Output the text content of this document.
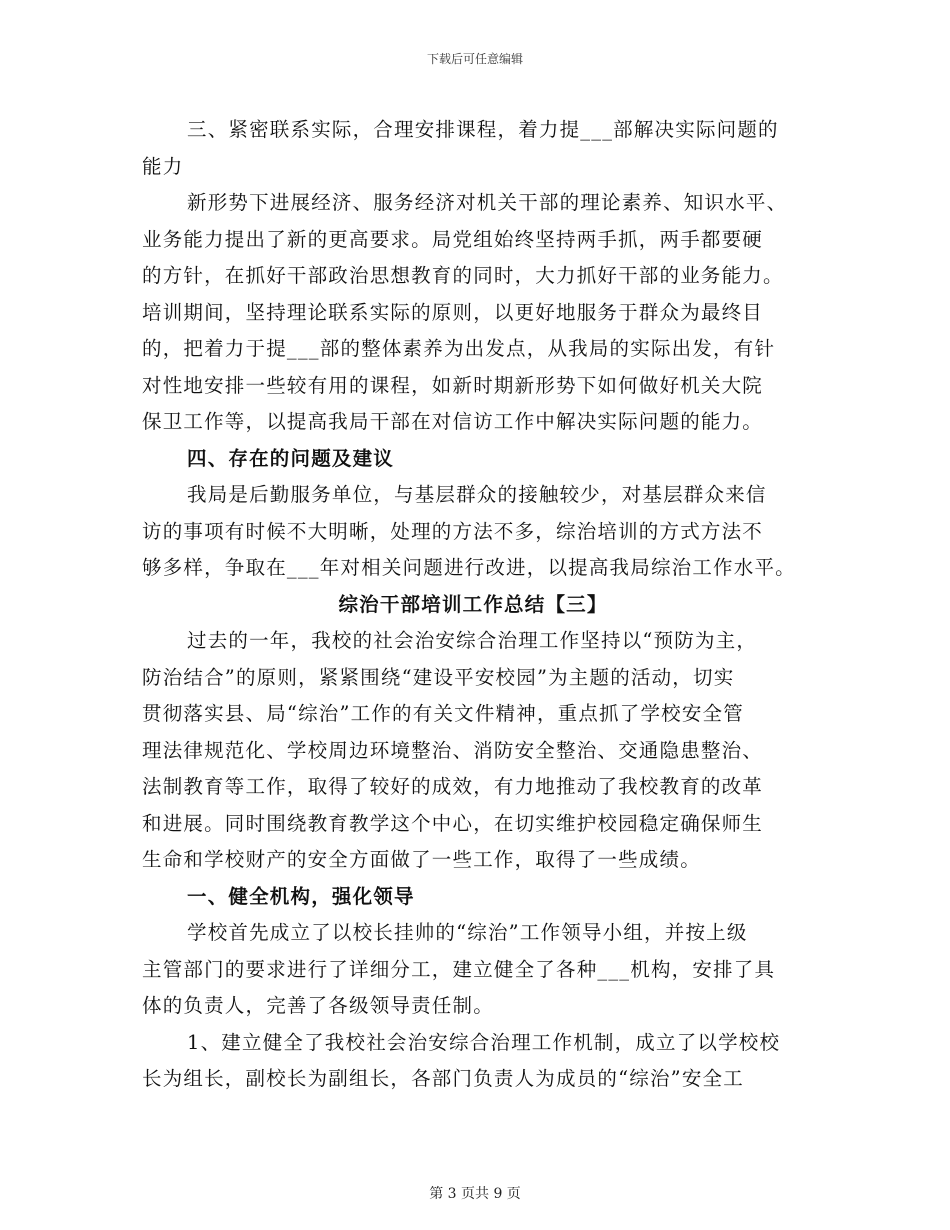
下载后可任意编辑
三、紧密联系实际，合理安排课程，着力提___部解决实际问题的
能力
新形势下进展经济、服务经济对机关干部的理论素养、知识水平、
业务能力提出了新的更高要求。局党组始终坚持两手抓，两手都要硬
的方针，在抓好干部政治思想教育的同时，大力抓好干部的业务能力。
培训期间，坚持理论联系实际的原则，以更好地服务于群众为最终目
的，把着力于提___部的整体素养为出发点，从我局的实际出发，有针
对性地安排一些较有用的课程，如新时期新形势下如何做好机关大院
保卫工作等，以提高我局干部在对信访工作中解决实际问题的能力。
四、存在的问题及建议
我局是后勤服务单位，与基层群众的接触较少，对基层群众来信
访的事项有时候不大明晰，处理的方法不多，综治培训的方式方法不
够多样，争取在___年对相关问题进行改进，以提高我局综治工作水平。
综治干部培训工作总结【三】
过去的一年，我校的社会治安综合治理工作坚持以“预防为主，
防治结合”的原则，紧紧围绕“建设平安校园”为主题的活动，切实
贯彻落实县、局“综治”工作的有关文件精神，重点抓了学校安全管
理法律规范化、学校周边环境整治、消防安全整治、交通隐患整治、
法制教育等工作，取得了较好的成效，有力地推动了我校教育的改革
和进展。同时围绕教育教学这个中心，在切实维护校园稳定确保师生
生命和学校财产的安全方面做了一些工作，取得了一些成绩。
一、健全机构，强化领导
学校首先成立了以校长挂帅的“综治”工作领导小组，并按上级
主管部门的要求进行了详细分工，建立健全了各种___机构，安排了具
体的负责人，完善了各级领导责任制。
1、建立健全了我校社会治安综合治理工作机制，成立了以学校校
长为组长，副校长为副组长，各部门负责人为成员的“综治”安全工
第 3 页共 9 页
